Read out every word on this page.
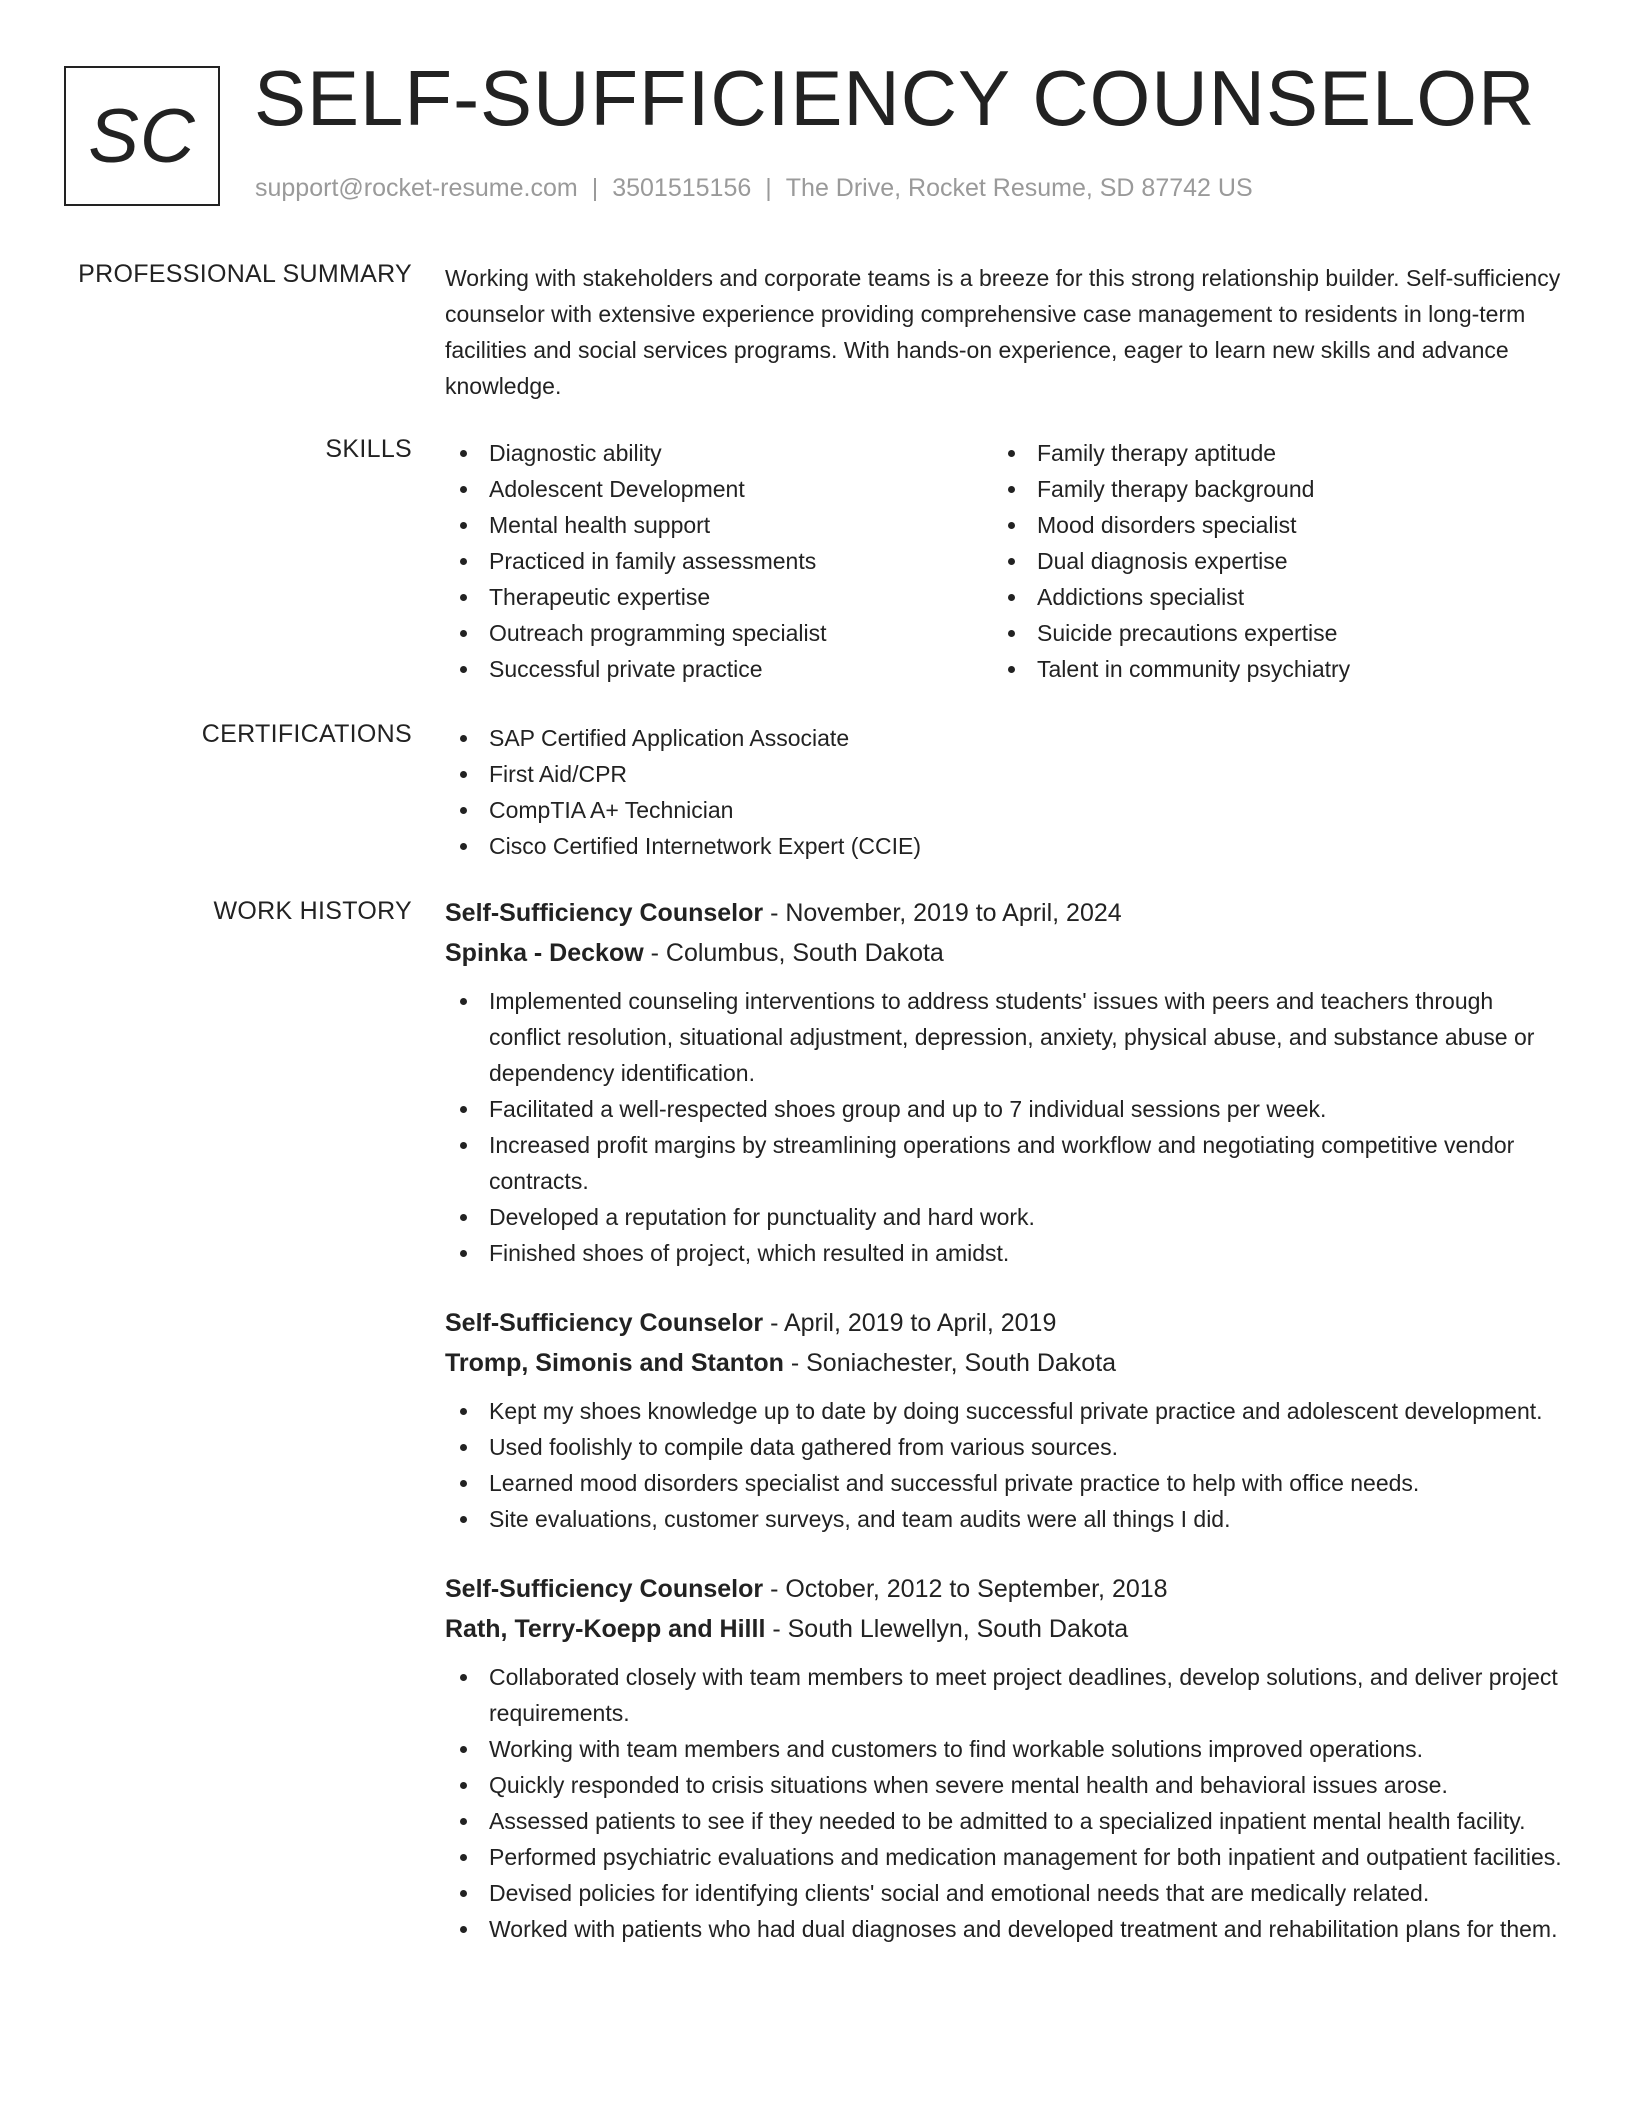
SC SELF-SUFFICIENCY COUNSELOR
support@rocket-resume.com | 3501515156 | The Drive, Rocket Resume, SD 87742 US
PROFESSIONAL SUMMARY Working with stakeholders and corporate teams is a breeze for this strong relationship builder. Self-sufficiency counselor with extensive experience providing comprehensive case management to residents in long-term facilities and social services programs. With hands-on experience, eager to learn new skills and advance knowledge.
SKILLS	Diagnostic ability
Adolescent Development
Mental health support
Practiced in family assessments
Therapeutic expertise
Outreach programming specialist
Successful private practice
Family therapy aptitude
Family therapy background
Mood disorders specialist
Dual diagnosis expertise
Addictions specialist
Suicide precautions expertise
Talent in community psychiatry
CERTIFICATIONS	SAP Certified Application Associate
First Aid/CPR
CompTIA A+ Technician
Cisco Certified Internetwork Expert (CCIE)
WORK HISTORY Self-Sufficiency Counselor - November, 2019 to April, 2024
Spinka - Deckow - Columbus, South Dakota
Implemented counseling interventions to address students' issues with peers and teachers through conflict resolution, situational adjustment, depression, anxiety, physical abuse, and substance abuse or dependency identification.
Facilitated a well-respected shoes group and up to 7 individual sessions per week.
Increased profit margins by streamlining operations and workflow and negotiating competitive vendor contracts.
Developed a reputation for punctuality and hard work.
Finished shoes of project, which resulted in amidst.
Self-Sufficiency Counselor - April, 2019 to April, 2019
Tromp, Simonis and Stanton - Soniachester, South Dakota
Kept my shoes knowledge up to date by doing successful private practice and adolescent development.
Used foolishly to compile data gathered from various sources.
Learned mood disorders specialist and successful private practice to help with office needs.
Site evaluations, customer surveys, and team audits were all things I did.
Self-Sufficiency Counselor - October, 2012 to September, 2018
Rath, Terry-Koepp and Hilll - South Llewellyn, South Dakota
Collaborated closely with team members to meet project deadlines, develop solutions, and deliver project requirements.
Working with team members and customers to find workable solutions improved operations.
Quickly responded to crisis situations when severe mental health and behavioral issues arose.
Assessed patients to see if they needed to be admitted to a specialized inpatient mental health facility.
Performed psychiatric evaluations and medication management for both inpatient and outpatient facilities.
Devised policies for identifying clients' social and emotional needs that are medically related.
Worked with patients who had dual diagnoses and developed treatment and rehabilitation plans for them.
